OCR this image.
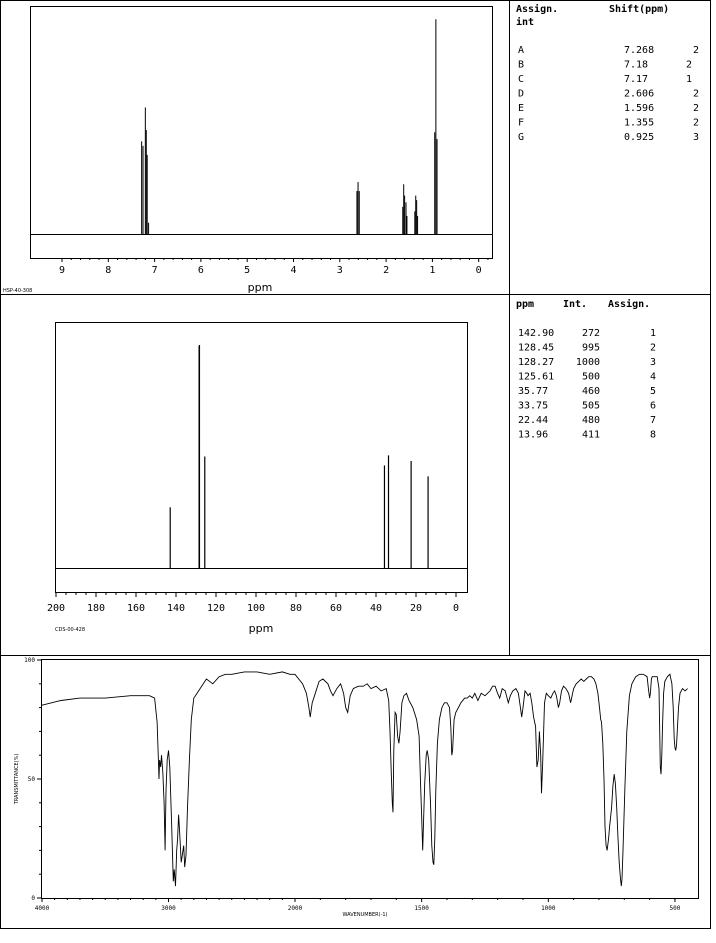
9	8	7	6	5	4	3	2	1	0
ppm
HSP-40-308
Assign.	Shift(ppm)
int
A	7.268	2
B	7.18	2
C	7.17	1
D	2.606	2
E	1.596	2
F	1.355	2
G	0.925	3
200 180 160 140 120 100 80	60	40	20	0
ppm
CDS-00-428
ppm	Int. Assign.
142.90	272	1
128.45	995	2
128.27 1000	3
125.61	500	4
35.77	460	5
33.75	505	6
22.44	480	7
13.96	411	8
4000	3000	2000	1500	1000	500
0
50
100
WAVENUMBER(-1)
TRANSMITTANCE(%)
